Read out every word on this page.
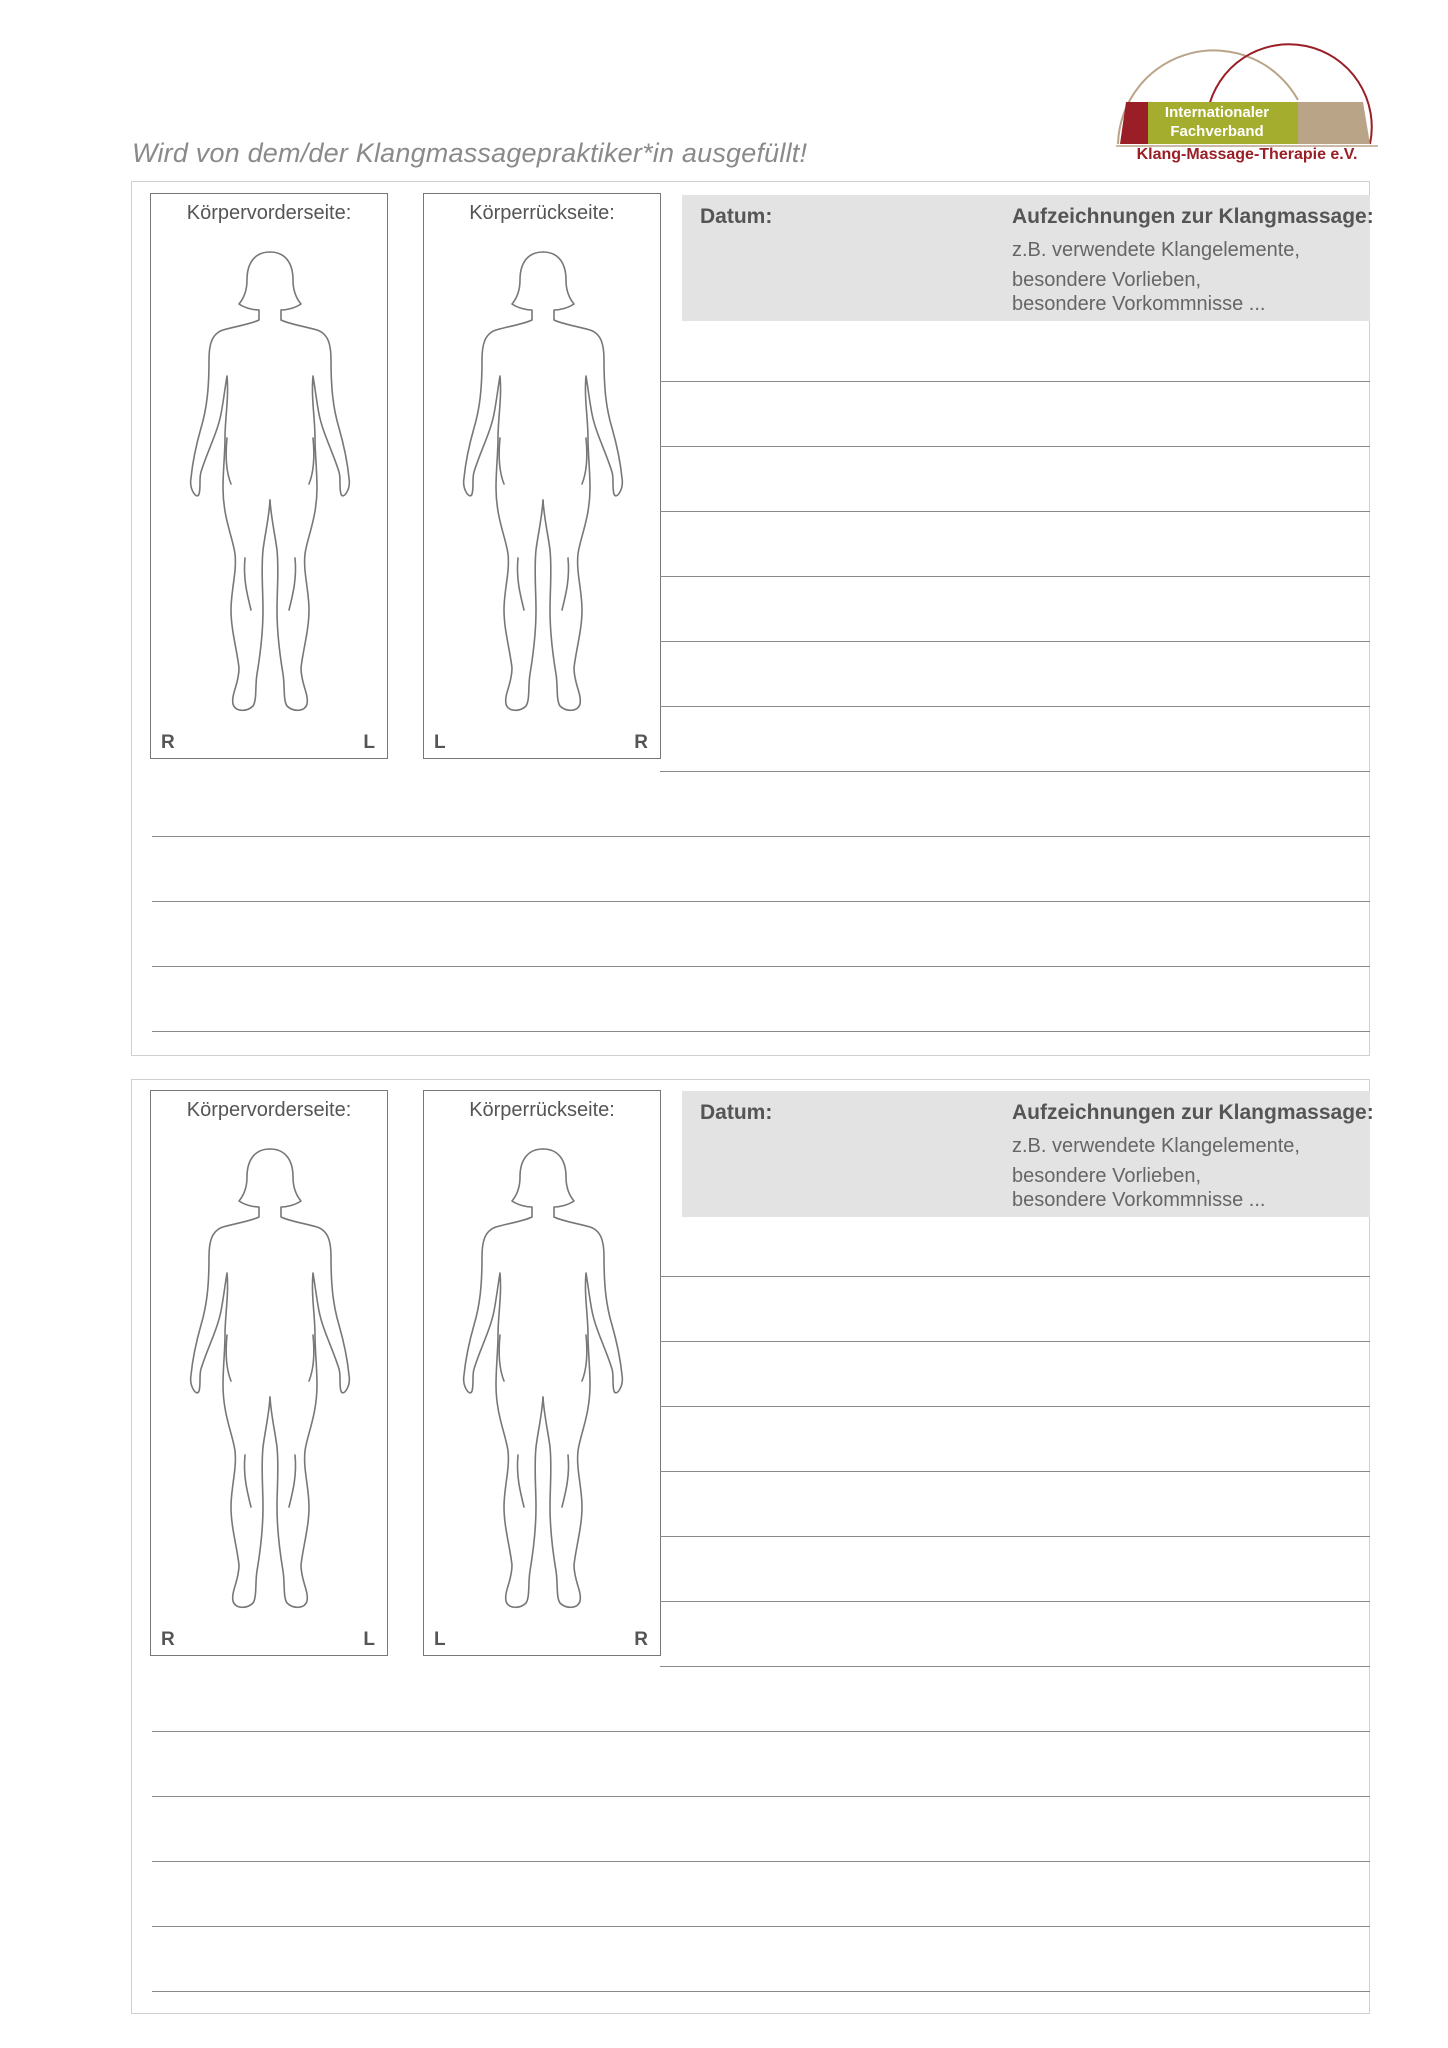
Wird von dem/der Klangmassagepraktiker*in ausgefüllt!
Internationaler
Fachverband
Klang-Massage-Therapie e.V.
Körpervorderseite:
R	L
Körperrückseite:
L	R
Datum:	Aufzeichnungen zur Klangmassage:
z.B. verwendete Klangelemente,
besondere Vorlieben,
besondere Vorkommnisse ...
Körpervorderseite:
R	L
Körperrückseite:
L	R
Datum:	Aufzeichnungen zur Klangmassage:
z.B. verwendete Klangelemente,
besondere Vorlieben,
besondere Vorkommnisse ...
